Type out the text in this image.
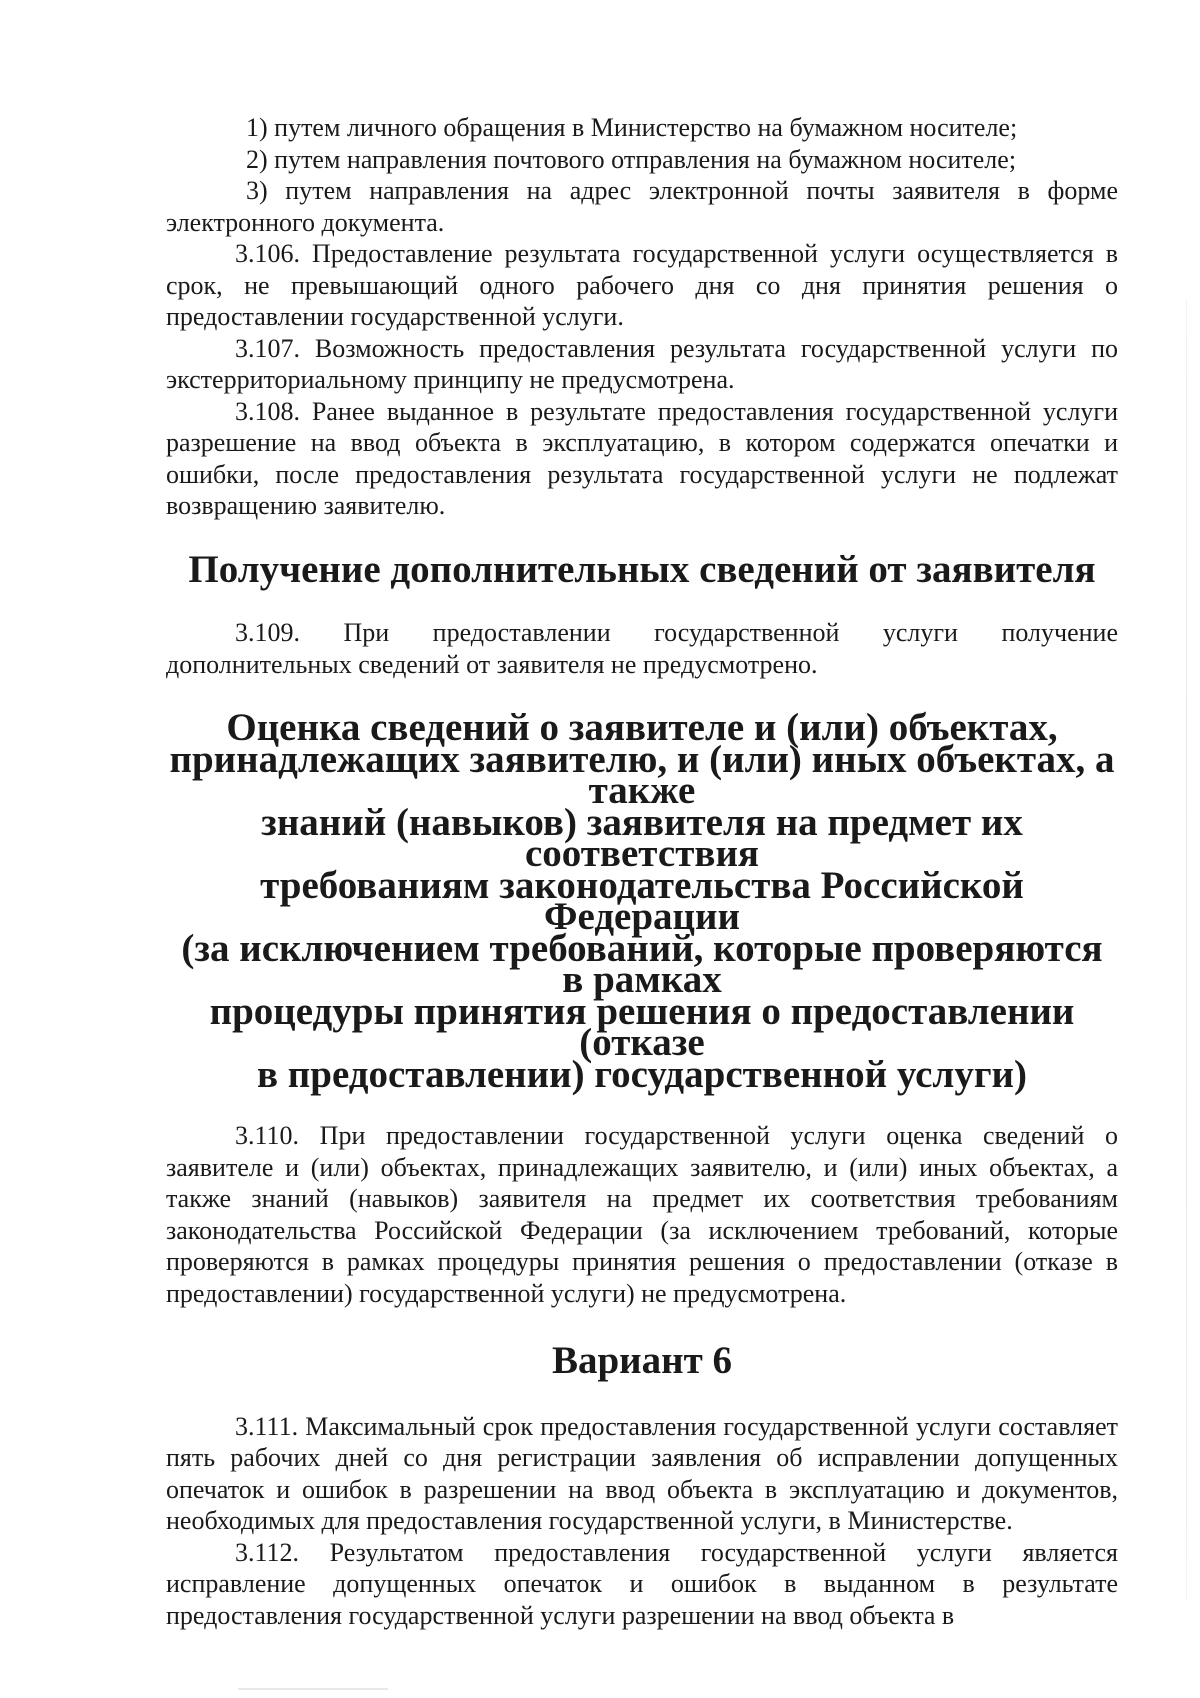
1) путем личного обращения в Министерство на бумажном носителе;

2) путем направления почтового отправления на бумажном носителе;

3) путем направления на адрес электронной почты заявителя в форме электронного документа.

3.106. Предоставление результата государственной услуги осуществляется в срок, не превышающий одного рабочего дня со дня принятия решения о предоставлении государственной услуги.

3.107. Возможность предоставления результата государственной услуги по экстерриториальному принципу не предусмотрена.

3.108. Ранее выданное в результате предоставления государственной услуги разрешение на ввод объекта в эксплуатацию, в котором содержатся опечатки и ошибки, после предоставления результата государственной услуги не подлежат возвращению заявителю.

Получение дополнительных сведений от заявителя

3.109. При предоставлении государственной услуги получение дополнительных сведений от заявителя не предусмотрено.

Оценка сведений о заявителе и (или) объектах,
принадлежащих заявителю, и (или) иных объектах, а также
знаний (навыков) заявителя на предмет их соответствия
требованиям законодательства Российской Федерации
(за исключением требований, которые проверяются в рамках
процедуры принятия решения о предоставлении (отказе
в предоставлении) государственной услуги)

3.110. При предоставлении государственной услуги оценка сведений о заявителе и (или) объектах, принадлежащих заявителю, и (или) иных объектах, а также знаний (навыков) заявителя на предмет их соответствия требованиям законодательства Российской Федерации (за исключением требований, которые проверяются в рамках процедуры принятия решения о предоставлении (отказе в предоставлении) государственной услуги) не предусмотрена.

Вариант 6

3.111. Максимальный срок предоставления государственной услуги составляет пять рабочих дней со дня регистрации заявления об исправлении допущенных опечаток и ошибок в разрешении на ввод объекта в эксплуатацию и документов, необходимых для предоставления государственной услуги, в Министерстве.

3.112. Результатом предоставления государственной услуги является исправление допущенных опечаток и ошибок в выданном в результате предоставления государственной услуги разрешении на ввод объекта в
